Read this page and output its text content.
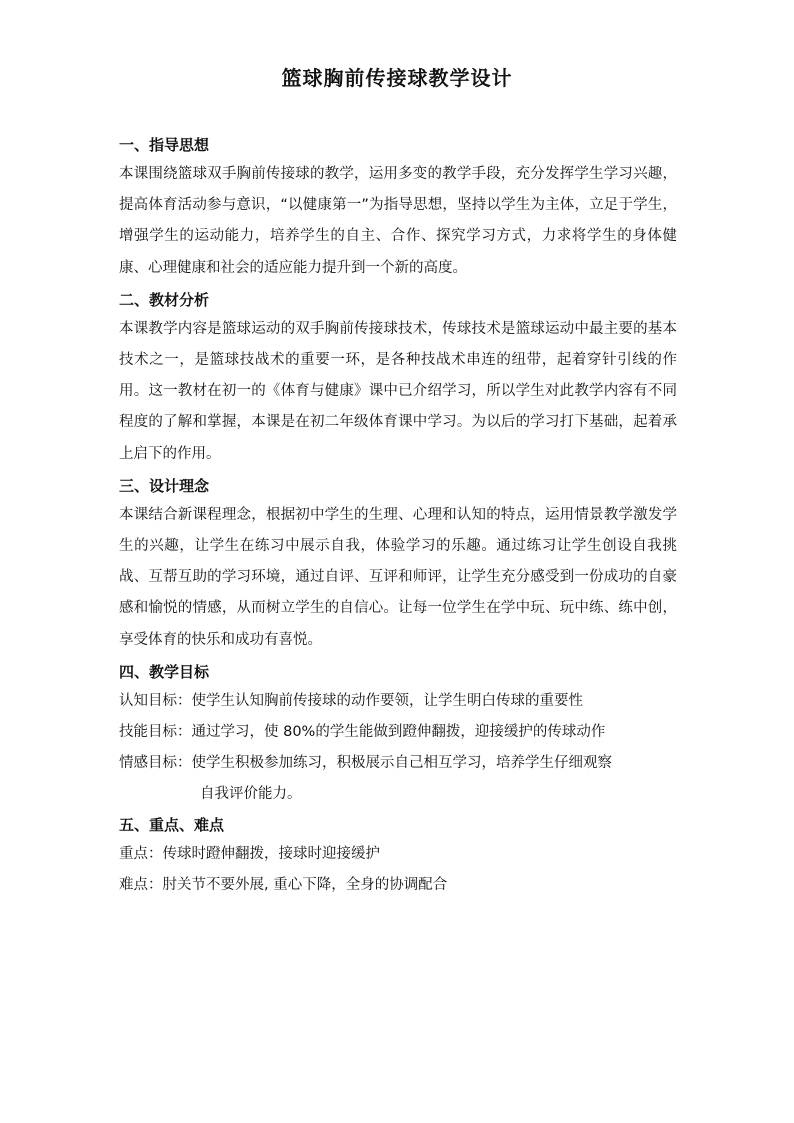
篮球胸前传接球教学设计
一、指导思想

本课围绕篮球双手胸前传接球的教学，运用多变的教学手段，充分发挥学生学习兴趣，提高体育活动参与意识，“以健康第一”为指导思想，坚持以学生为主体，立足于学生，增强学生的运动能力，培养学生的自主、合作、探究学习方式，力求将学生的身体健康、心理健康和社会的适应能力提升到一个新的高度。

二、教材分析

本课教学内容是篮球运动的双手胸前传接球技术，传球技术是篮球运动中最主要的基本技术之一，是篮球技战术的重要一环，是各种技战术串连的纽带，起着穿针引线的作用。这一教材在初一的《体育与健康》课中已介绍学习，所以学生对此教学内容有不同程度的了解和掌握，本课是在初二年级体育课中学习。为以后的学习打下基础，起着承上启下的作用。

三、设计理念

本课结合新课程理念，根据初中学生的生理、心理和认知的特点，运用情景教学激发学生的兴趣，让学生在练习中展示自我，体验学习的乐趣。通过练习让学生创设自我挑战、互帮互助的学习环境，通过自评、互评和师评，让学生充分感受到一份成功的自豪感和愉悦的情感，从而树立学生的自信心。让每一位学生在学中玩、玩中练、练中创，享受体育的快乐和成功有喜悦。

四、教学目标
认知目标： 使学生认知胸前传接球的动作要领，让学生明白传球的重要性
技能目标： 通过学习，使 80%的学生能做到蹬伸翻拨，迎接缓护的传球动作
情感目标： 使学生积极参加练习，积极展示自己相互学习，培养学生仔细观察
自我评价能力。
五、重点、难点
重点： 传球时蹬伸翻拨，接球时迎接缓护
难点： 肘关节不要外展, 重心下降，全身的协调配合
